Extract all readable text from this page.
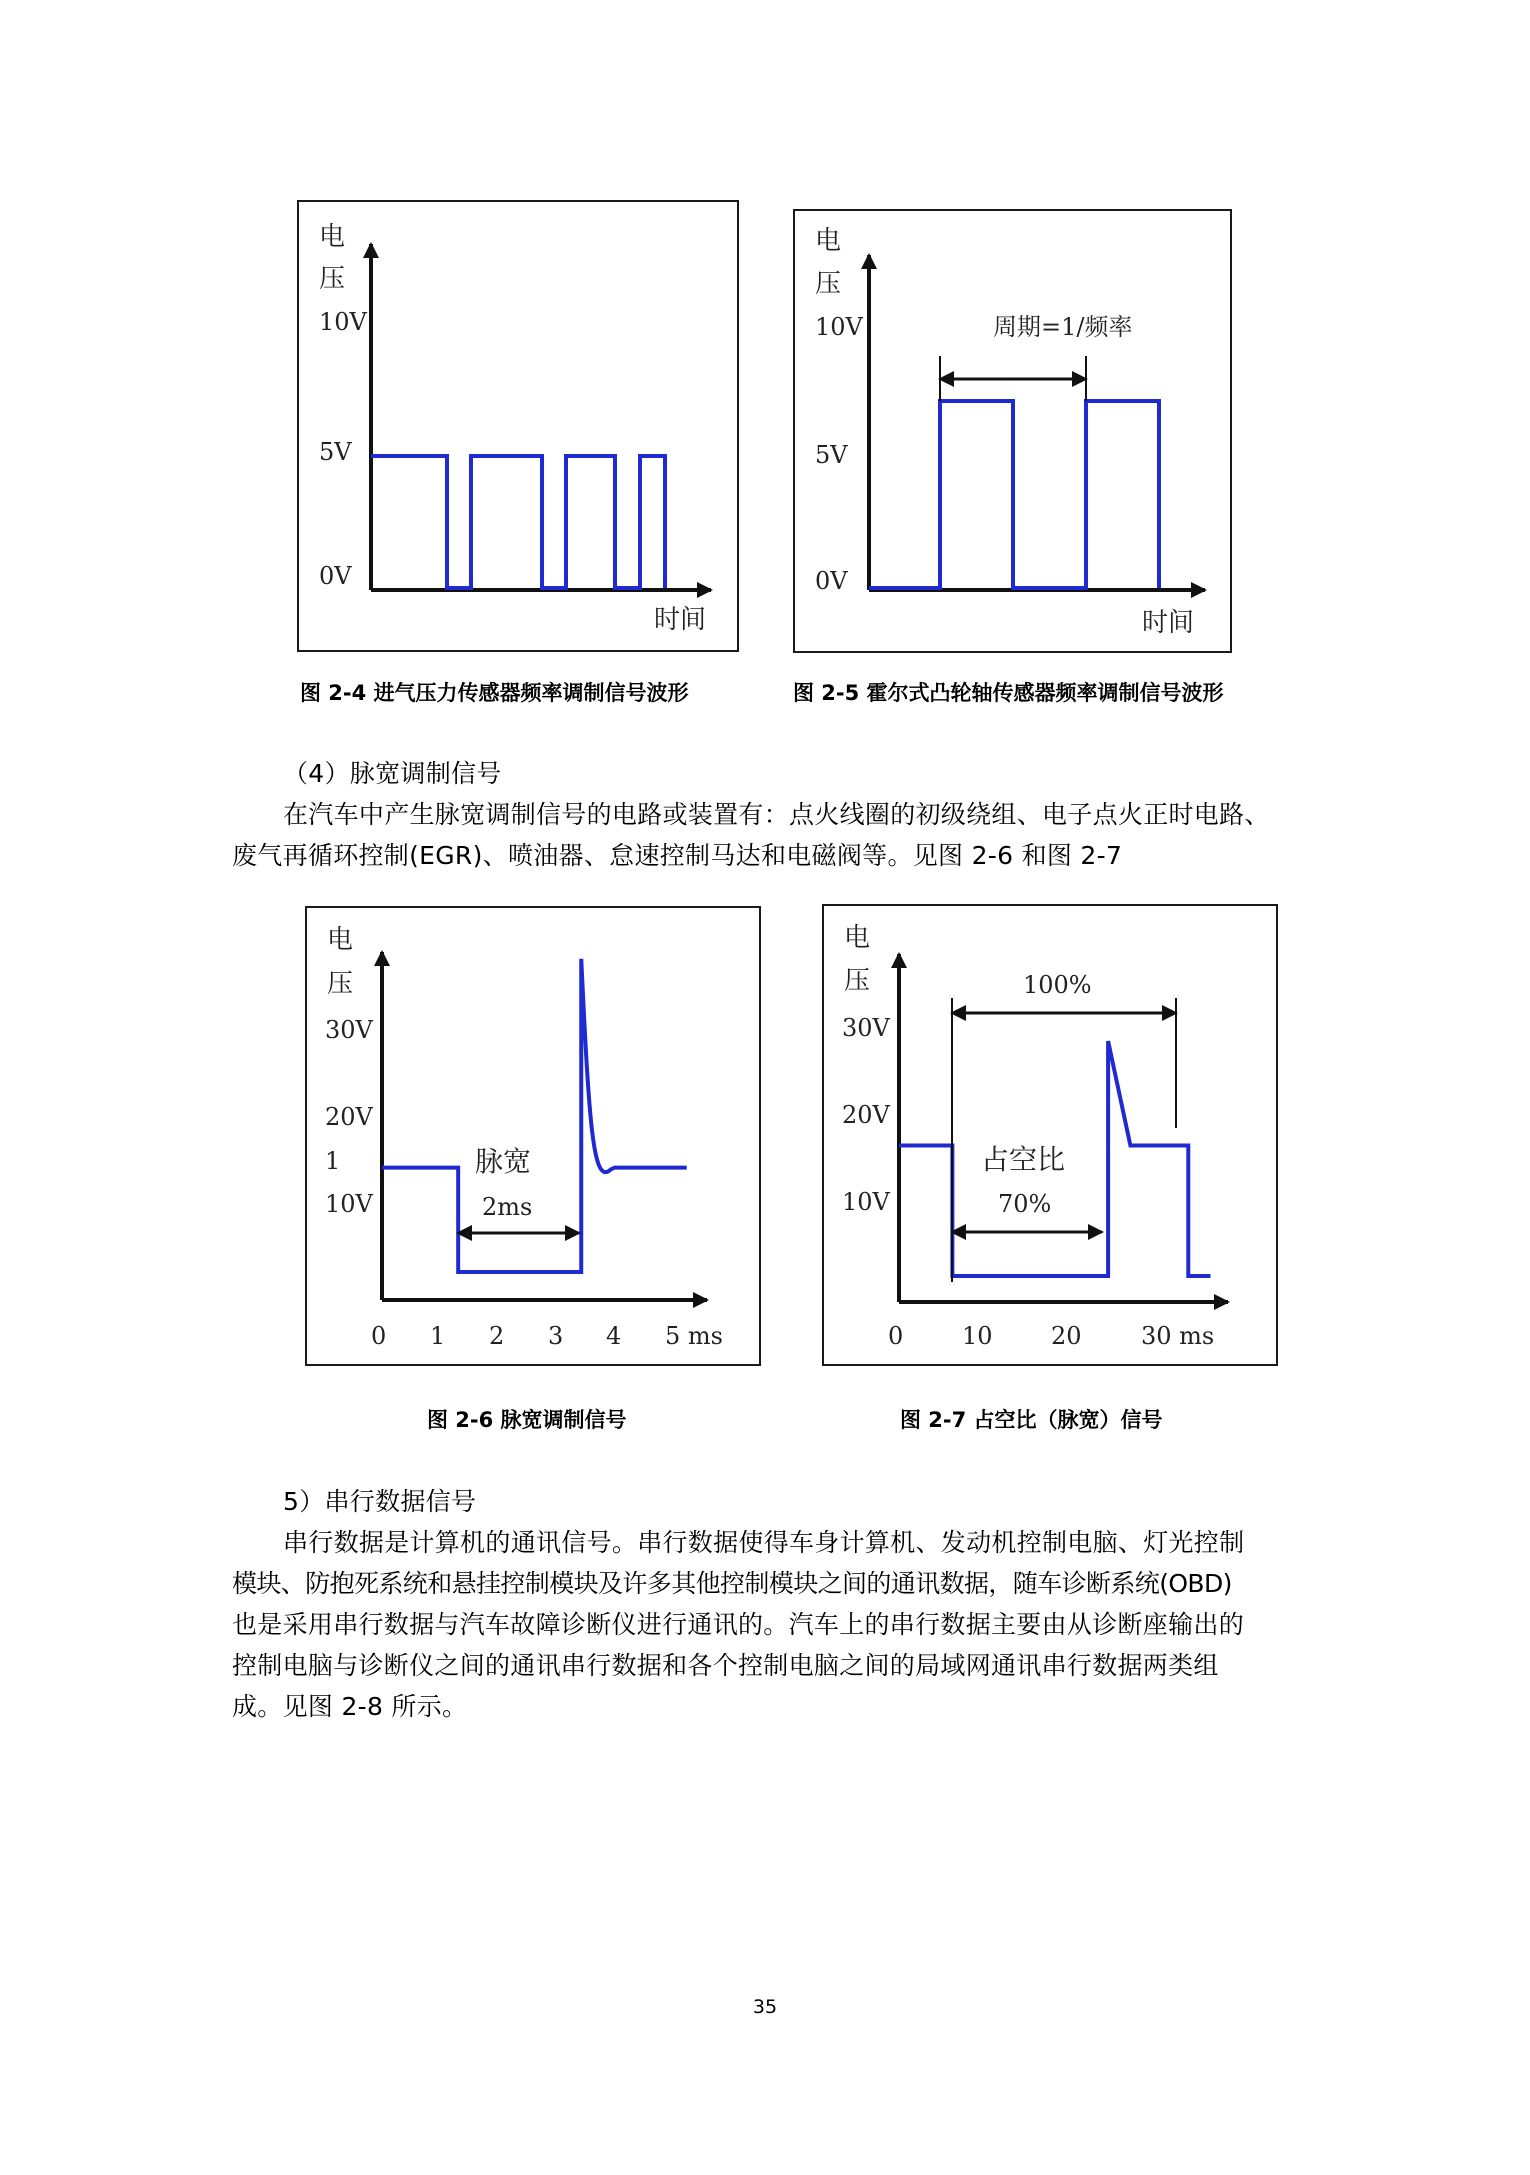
电
压
10V
5V
0V
时间
图 2-4 进气压力传感器频率调制信号波形
电
压
10V
5V
0V
周期=1/频率
时间
图 2-5 霍尔式凸轮轴传感器频率调制信号波形
（4）脉宽调制信号
在汽车中产生脉宽调制信号的电路或装置有：点火线圈的初级绕组、电子点火正时电路、
废气再循环控制(EGR)、喷油器、怠速控制马达和电磁阀等。见图 2-6 和图 2-7
电
压
30V
20V
1
10V
脉宽
2ms
0 1 2 3 4 5 ms
图 2-6 脉宽调制信号
电
压
30V
20V
10V
100%
占空比
70%
0 10 20 30 ms
图 2-7 占空比（脉宽）信号
5）串行数据信号
串行数据是计算机的通讯信号。串行数据使得车身计算机、发动机控制电脑、灯光控制
模块、防抱死系统和悬挂控制模块及许多其他控制模块之间的通讯数据，随车诊断系统(OBD)
也是采用串行数据与汽车故障诊断仪进行通讯的。汽车上的串行数据主要由从诊断座输出的
控制电脑与诊断仪之间的通讯串行数据和各个控制电脑之间的局域网通讯串行数据两类组
成。见图 2-8 所示。
35
